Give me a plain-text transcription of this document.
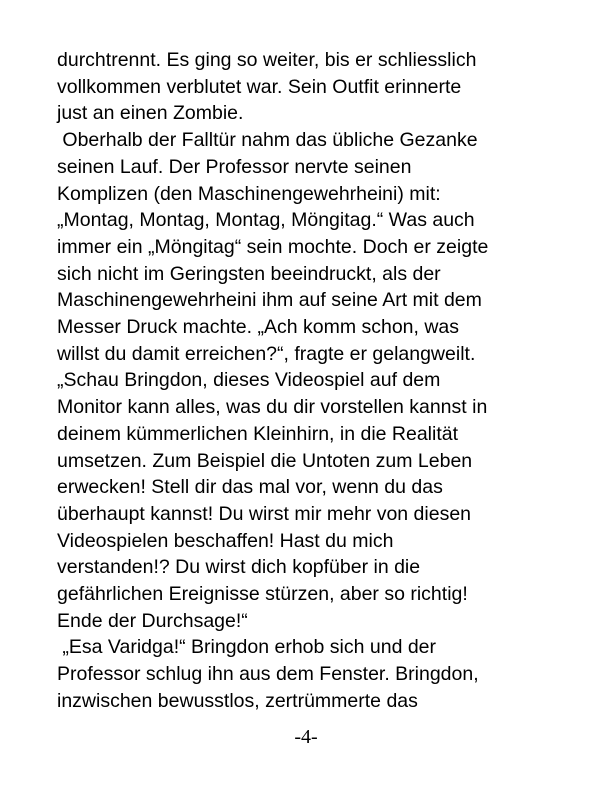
durchtrennt. Es ging so weiter, bis er schliesslich
vollkommen verblutet war. Sein Outfit erinnerte
just an einen Zombie.
Oberhalb der Falltür nahm das übliche Gezanke
seinen Lauf. Der Professor nervte seinen
Komplizen (den Maschinengewehrheini) mit:
„Montag, Montag, Montag, Möngitag.“ Was auch
immer ein „Möngitag“ sein mochte. Doch er zeigte
sich nicht im Geringsten beeindruckt, als der
Maschinengewehrheini ihm auf seine Art mit dem
Messer Druck machte. „Ach komm schon, was
willst du damit erreichen?“, fragte er gelangweilt.
„Schau Bringdon, dieses Videospiel auf dem
Monitor kann alles, was du dir vorstellen kannst in
deinem kümmerlichen Kleinhirn, in die Realität
umsetzen. Zum Beispiel die Untoten zum Leben
erwecken! Stell dir das mal vor, wenn du das
überhaupt kannst! Du wirst mir mehr von diesen
Videospielen beschaffen! Hast du mich
verstanden!? Du wirst dich kopfüber in die
gefährlichen Ereignisse stürzen, aber so richtig!
Ende der Durchsage!“
„Esa Varidga!“ Bringdon erhob sich und der
Professor schlug ihn aus dem Fenster. Bringdon,
inzwischen bewusstlos, zertrümmerte das
-4-
